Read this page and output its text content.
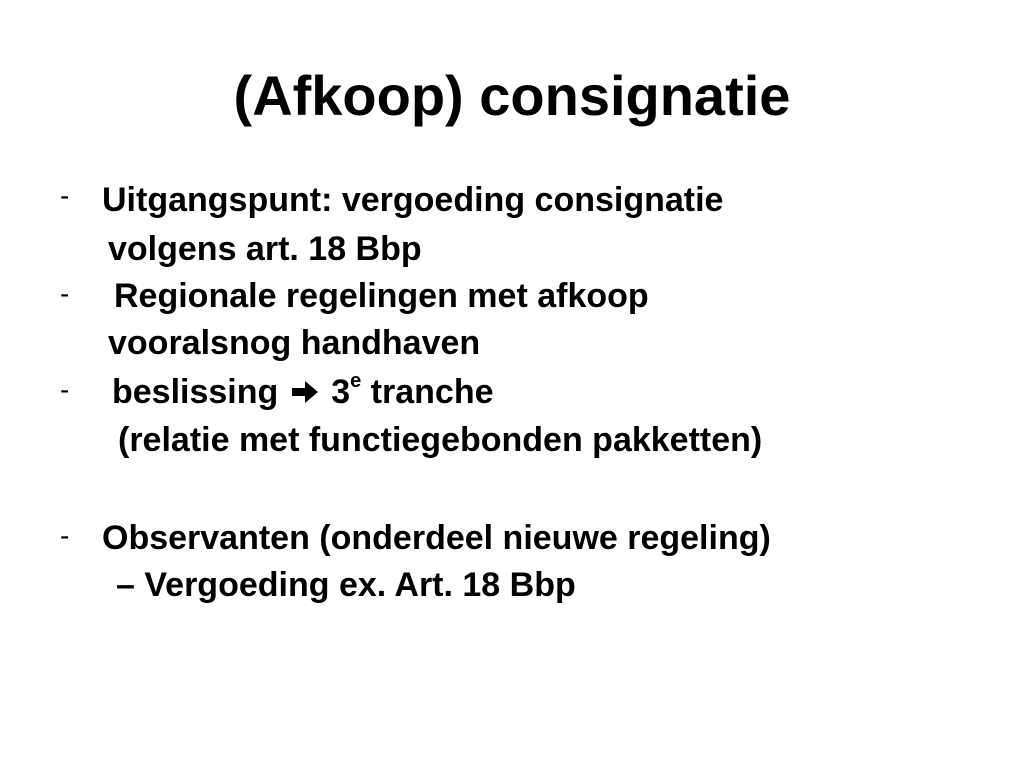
(Afkoop) consignatie
- Uitgangspunt: vergoeding consignatie
volgens art. 18 Bbp
- Regionale regelingen met afkoop
vooralsnog handhaven
- beslissing 3e tranche
(relatie met functiegebonden pakketten)
- Observanten (onderdeel nieuwe regeling)
– Vergoeding ex. Art. 18 Bbp
